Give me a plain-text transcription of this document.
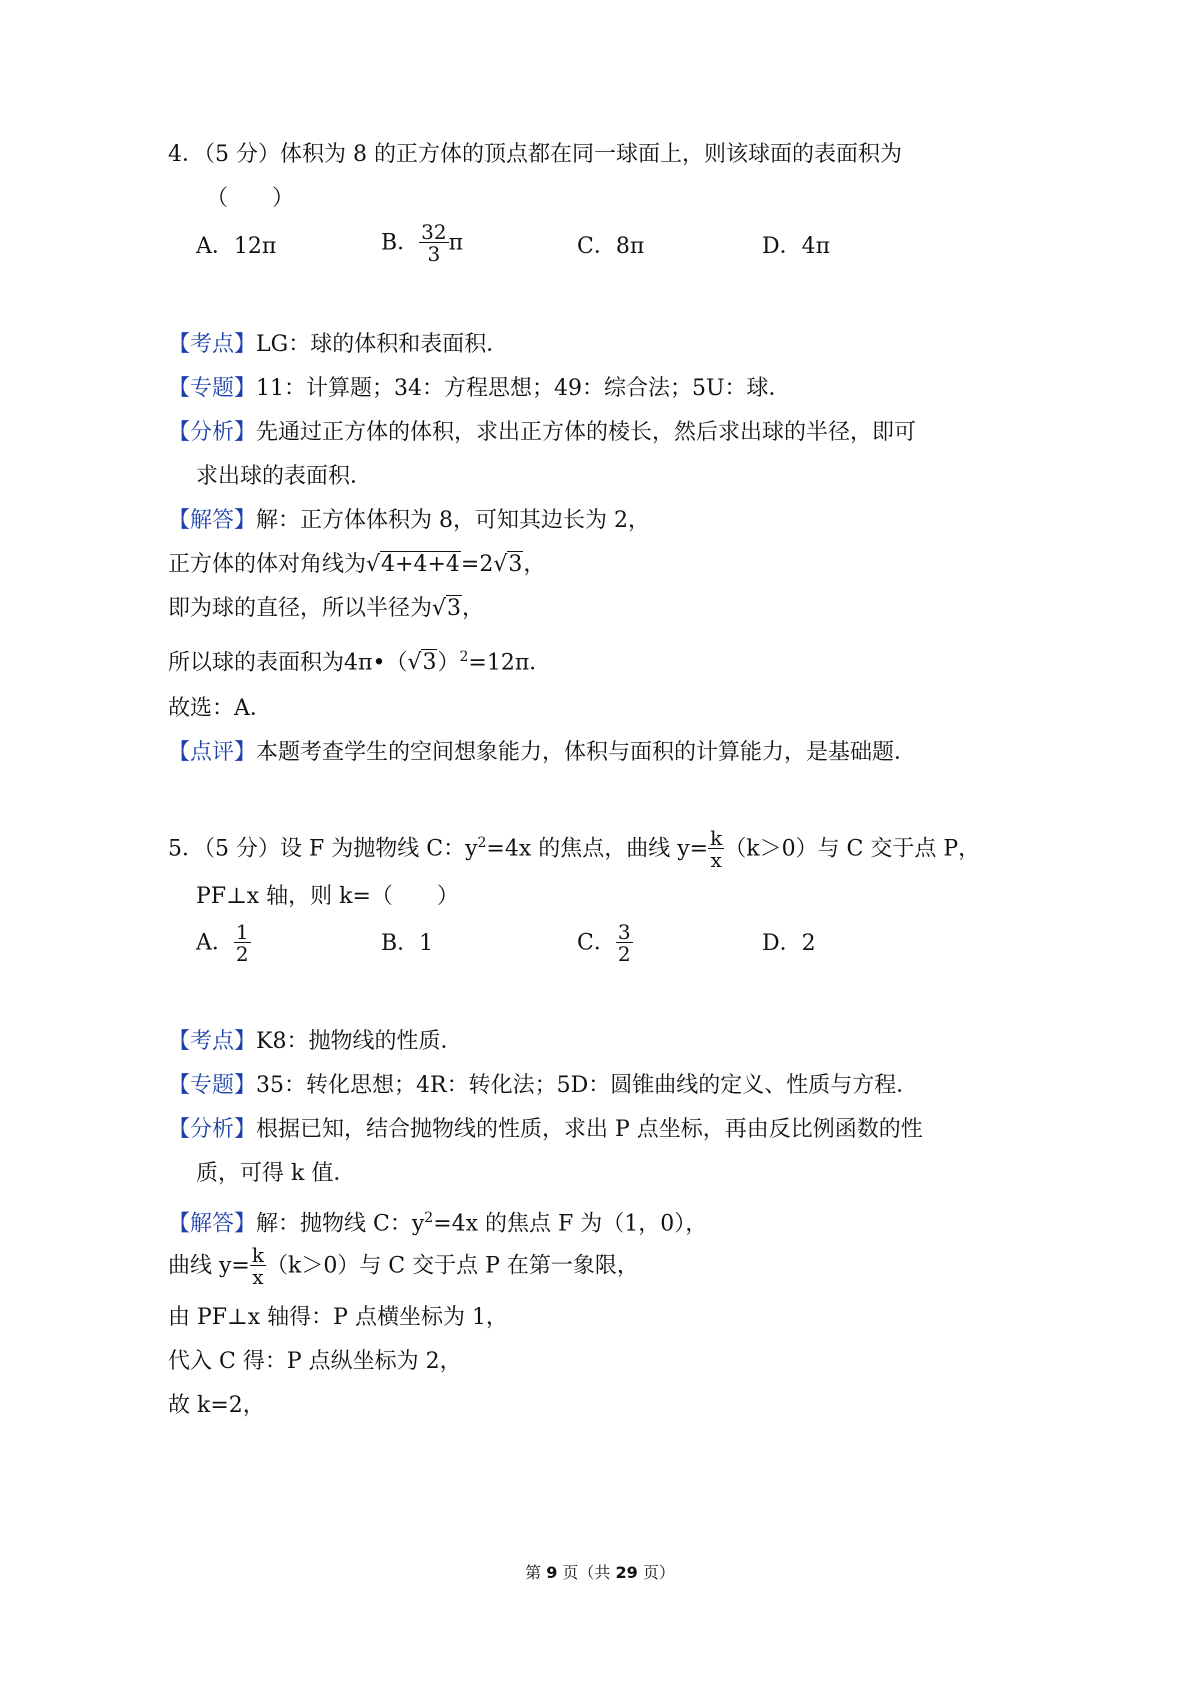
4．（5 分）体积为 8 的正方体的顶点都在同一球面上，则该球面的表面积为
（　　）
A．12π	B． $\frac{32}{3}$ π	C．8π	D．4π
【考点】LG：球的体积和表面积．
【专题】11：计算题；34：方程思想；49：综合法；5U：球．
【分析】先通过正方体的体积，求出正方体的棱长，然后求出球的半径，即可
求出球的表面积．
【解答】解：正方体体积为 8，可知其边长为 2，
正方体的体对角线为√4+4+4=2√3，
即为球的直径，所以半径为√3，
所以球的表面积为$4\pi•(√3)^2=12\pi$．
故选：A．
【点评】本题考查学生的空间想象能力，体积与面积的计算能力，是基础题．
5．（5 分）设 F 为抛物线 C：$y^2=4x$ 的焦点，曲线 $y= \frac{k}{x} (k>0)$与 C 交于点 P，
PF⊥x 轴，则 k=（　　）
A． $\frac{1}{2}$	B．1	C． $\frac{3}{2}$	D．2
【考点】K8：抛物线的性质．
【专题】35：转化思想；4R：转化法；5D：圆锥曲线的定义、性质与方程．
【分析】根据已知，结合抛物线的性质，求出 P 点坐标，再由反比例函数的性
质，可得 k 值．
【解答】解：抛物线 C：$y^2=4x$ 的焦点 F 为（1，0），
曲线 $y= \frac{k}{x} (k>0)$与 C 交于点 P 在第一象限，
由 PF⊥x 轴得：P 点横坐标为 1，
代入 C 得：P 点纵坐标为 2，
故 k=2，
第 9 页（共 29 页）
